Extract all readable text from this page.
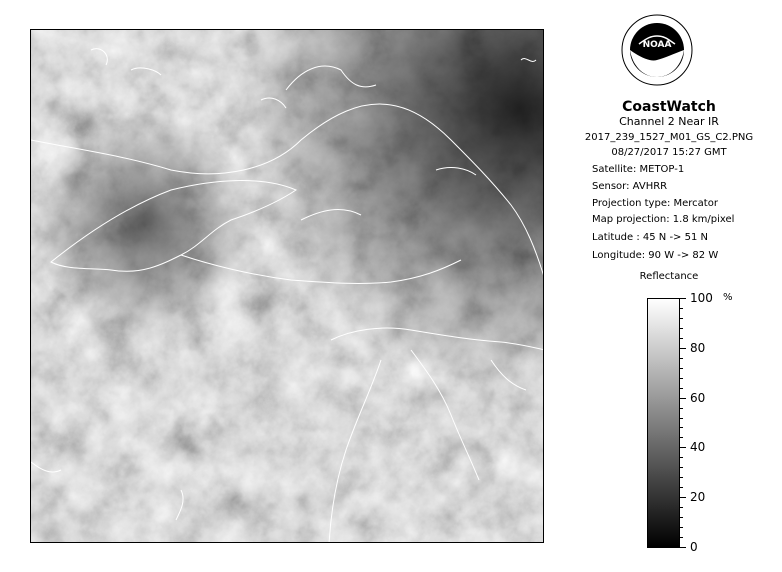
NOAA
CoastWatch
Channel 2 Near IR
2017_239_1527_M01_GS_C2.PNG
08/27/2017 15:27 GMT
Satellite: METOP-1
Sensor: AVHRR
Projection type: Mercator
Map projection: 1.8 km/pixel
Latitude : 45 N -> 51 N
Longitude: 90 W -> 82 W
Reflectance
%
100
80
60
40
20
0
